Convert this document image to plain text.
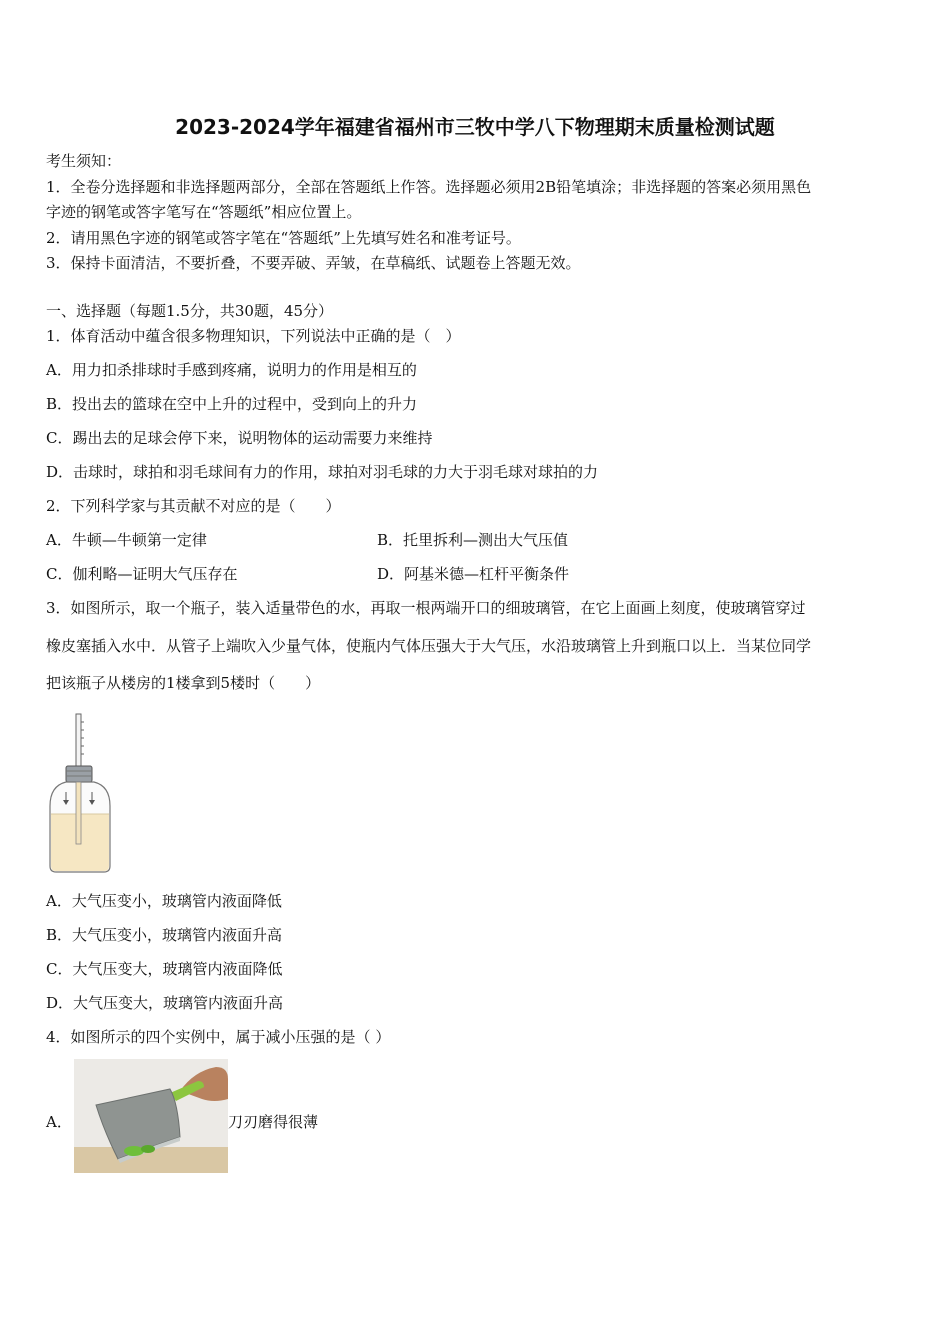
2023-2024学年福建省福州市三牧中学八下物理期末质量检测试题
考生须知：
1．全卷分选择题和非选择题两部分，全部在答题纸上作答。选择题必须用2B铅笔填涂；非选择题的答案必须用黑色
字迹的钢笔或答字笔写在“答题纸”相应位置上。
2．请用黑色字迹的钢笔或答字笔在“答题纸”上先填写姓名和准考证号。
3．保持卡面清洁，不要折叠，不要弄破、弄皱，在草稿纸、试题卷上答题无效。
一、选择题（每题1.5分，共30题，45分）
1．体育活动中蕴含很多物理知识，下列说法中正确的是（　）
A．用力扣杀排球时手感到疼痛，说明力的作用是相互的
B．投出去的篮球在空中上升的过程中，受到向上的升力
C．踢出去的足球会停下来，说明物体的运动需要力来维持
D．击球时，球拍和羽毛球间有力的作用，球拍对羽毛球的力大于羽毛球对球拍的力
2．下列科学家与其贡献不对应的是（　　）
A．牛顿—牛顿第一定律	B．托里拆利—测出大气压值
C．伽利略—证明大气压存在	D．阿基米德—杠杆平衡条件
3．如图所示，取一个瓶子，装入适量带色的水，再取一根两端开口的细玻璃管，在它上面画上刻度，使玻璃管穿过
橡皮塞插入水中．从管子上端吹入少量气体，使瓶内气体压强大于大气压，水沿玻璃管上升到瓶口以上．当某位同学
把该瓶子从楼房的1楼拿到5楼时（　　）
A．大气压变小，玻璃管内液面降低
B．大气压变小，玻璃管内液面升高
C．大气压变大，玻璃管内液面降低
D．大气压变大，玻璃管内液面升高
4．如图所示的四个实例中，属于减小压强的是（ ）
A．	刀刃磨得很薄
